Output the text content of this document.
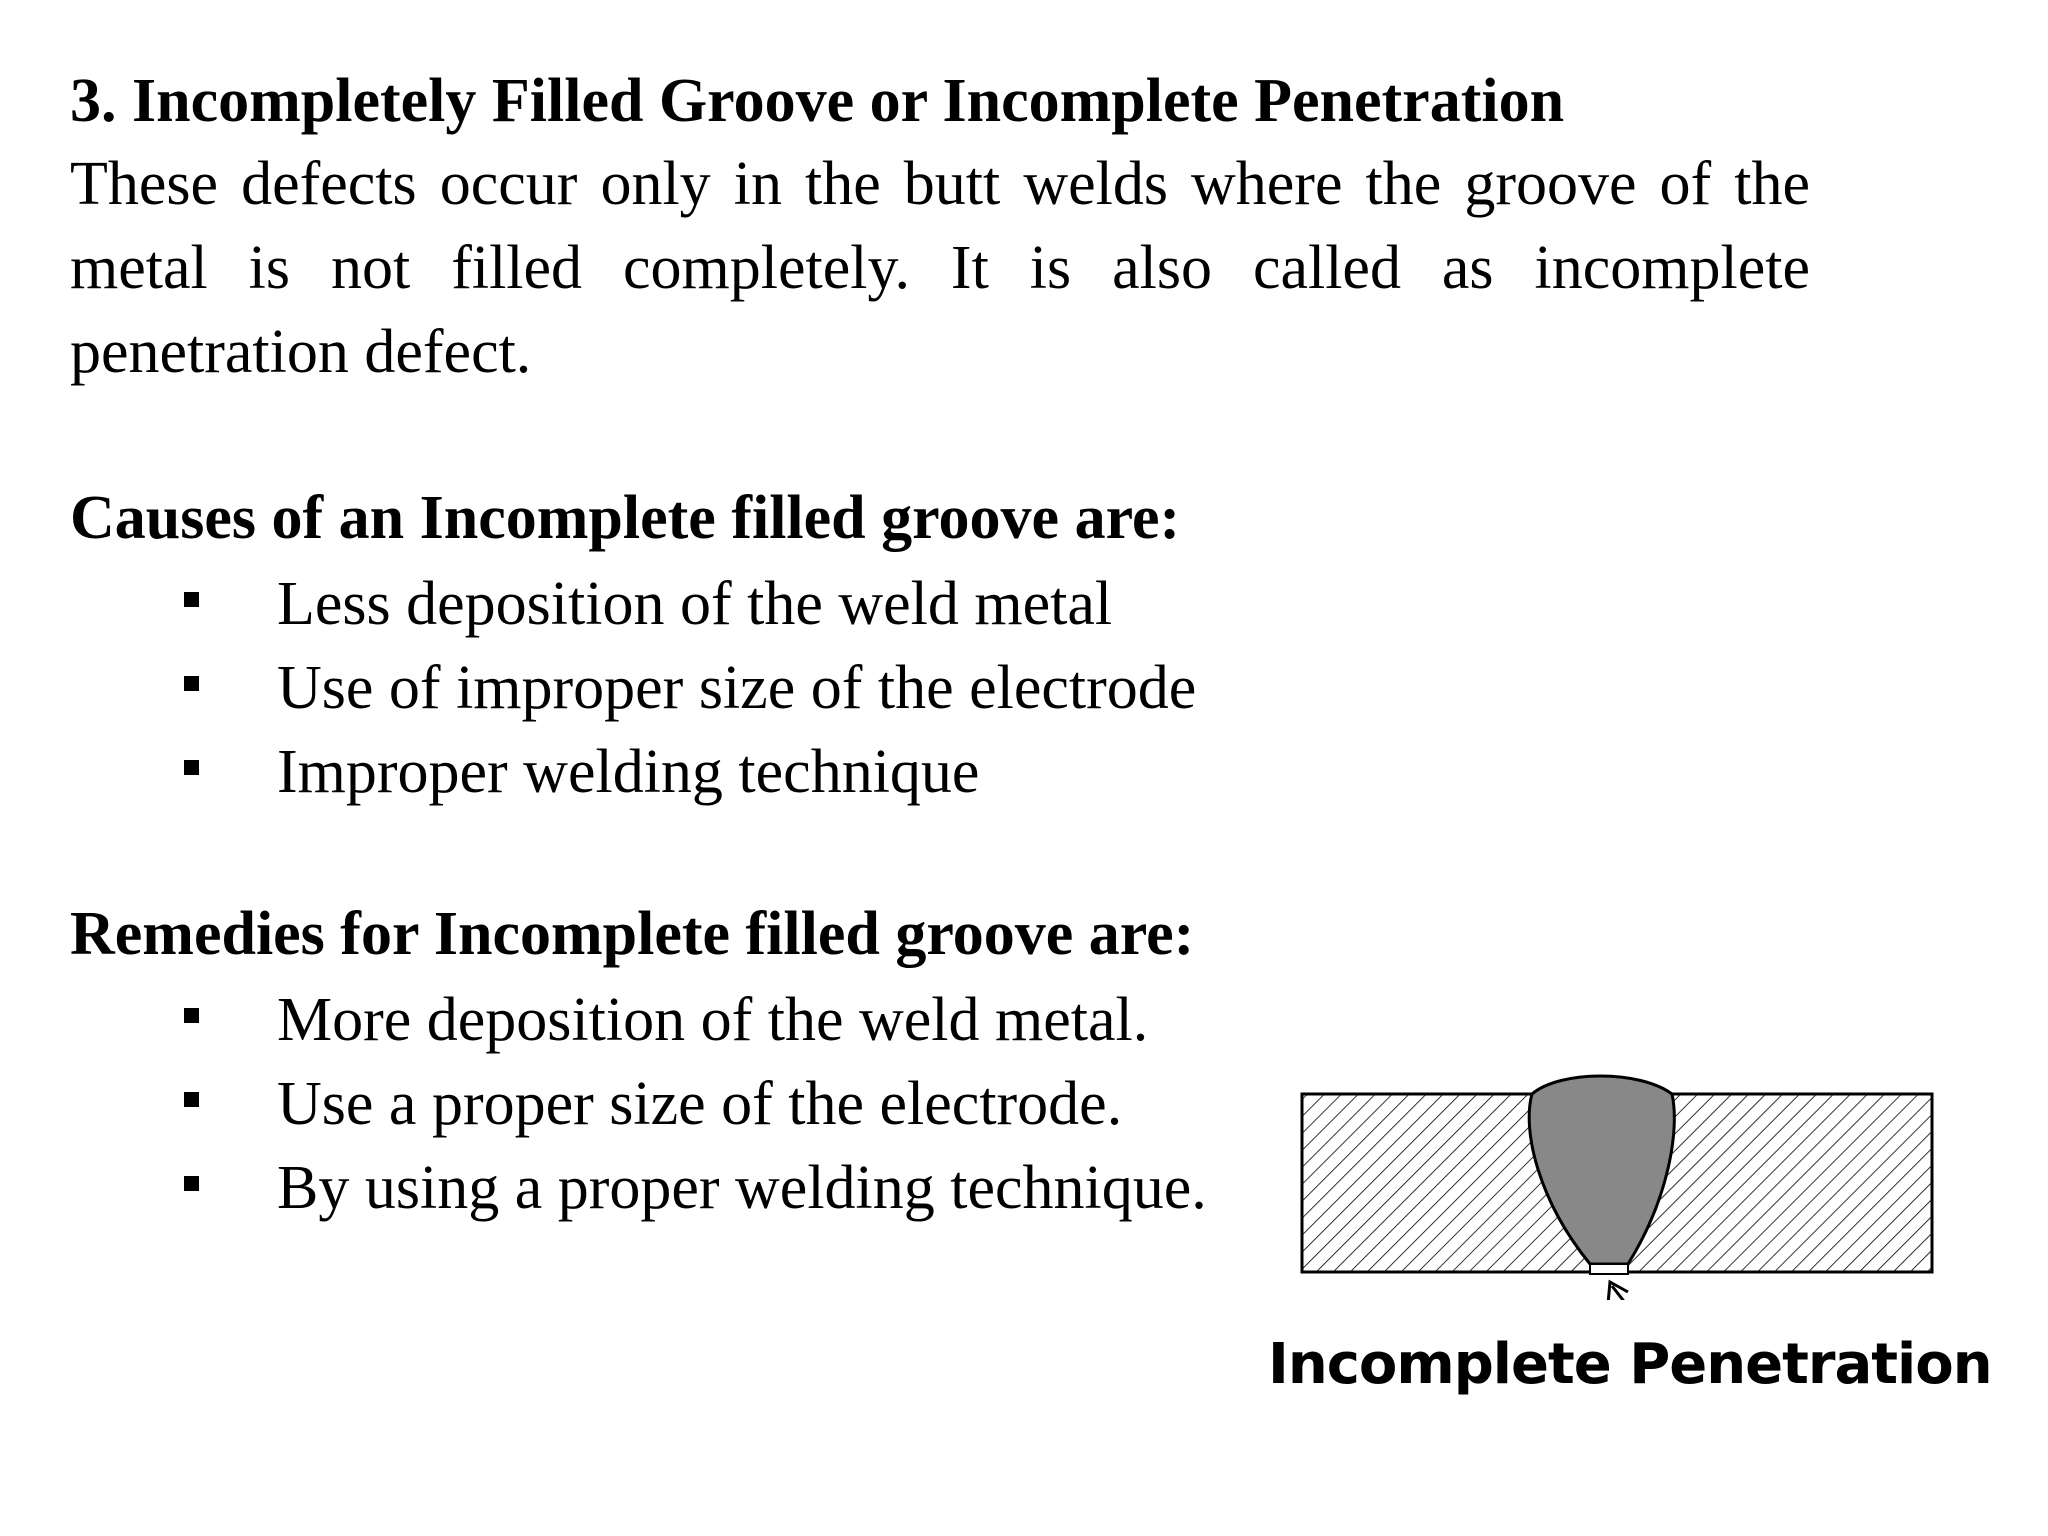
3. Incompletely Filled Groove or Incomplete Penetration
These defects occur only in the butt welds where the groove of the metal is not filled completely. It is also called as incomplete penetration defect.
Causes of an Incomplete filled groove are:
Less deposition of the weld metal
Use of improper size of the electrode
Improper welding technique
Remedies for Incomplete filled groove are:
More deposition of the weld metal.
Use a proper size of the electrode.
By using a proper welding technique.
Incomplete Penetration
